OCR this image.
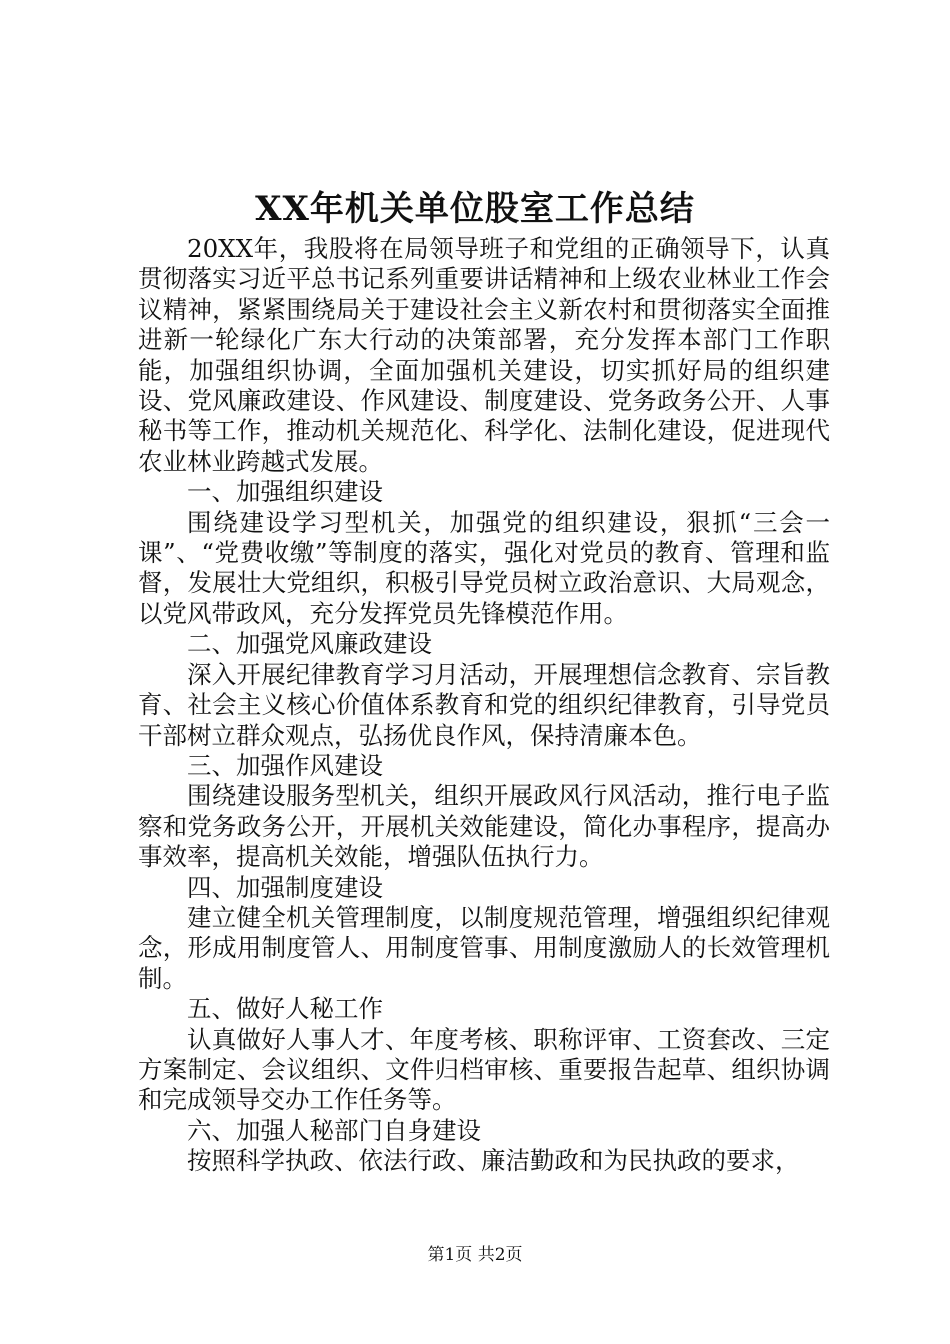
XX年机关单位股室工作总结

20XX年，我股将在局领导班子和党组的正确领导下，认真贯彻落实习近平总书记系列重要讲话精神和上级农业林业工作会议精神，紧紧围绕局关于建设社会主义新农村和贯彻落实全面推进新一轮绿化广东大行动的决策部署，充分发挥本部门工作职能，加强组织协调，全面加强机关建设，切实抓好局的组织建设、党风廉政建设、作风建设、制度建设、党务政务公开、人事秘书等工作，推动机关规范化、科学化、法制化建设，促进现代农业林业跨越式发展。

一、加强组织建设

围绕建设学习型机关，加强党的组织建设，狠抓“三会一课”、“党费收缴”等制度的落实，强化对党员的教育、管理和监督，发展壮大党组织，积极引导党员树立政治意识、大局观念，以党风带政风，充分发挥党员先锋模范作用。

二、加强党风廉政建设

深入开展纪律教育学习月活动，开展理想信念教育、宗旨教育、社会主义核心价值体系教育和党的组织纪律教育，引导党员干部树立群众观点，弘扬优良作风，保持清廉本色。

三、加强作风建设

围绕建设服务型机关，组织开展政风行风活动，推行电子监察和党务政务公开，开展机关效能建设，简化办事程序，提高办事效率，提高机关效能，增强队伍执行力。

四、加强制度建设

建立健全机关管理制度，以制度规范管理，增强组织纪律观念，形成用制度管人、用制度管事、用制度激励人的长效管理机制。

五、做好人秘工作

认真做好人事人才、年度考核、职称评审、工资套改、三定方案制定、会议组织、文件归档审核、重要报告起草、组织协调和完成领导交办工作任务等。

六、加强人秘部门自身建设

按照科学执政、依法行政、廉洁勤政和为民执政的要求，

第1页 共2页
